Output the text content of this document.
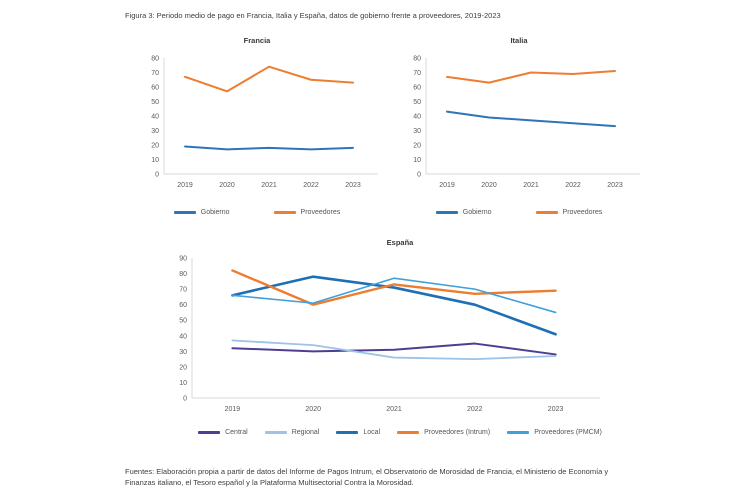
Figura 3: Periodo medio de pago en Francia, Italia y España, datos de gobierno frente a proveedores, 2019-2023
Francia
0
10
20
30
40
50
60
70
80
2019	2020	2021	2022	2023
Gobierno	Proveedores
Italia
0
10
20
30
40
50
60
70
80
2019	2020	2021	2022	2023
Gobierno	Proveedores
España
0
10
20
30
40
50
60
70
80
90
2019	2020	2021	2022	2023
Central	Regional	Local	Proveedores (Intrum)	Proveedores (PMCM)
Fuentes: Elaboración propia a partir de datos del Informe de Pagos Intrum, el Observatorio de Morosidad de Francia, el Ministerio de Economía y Finanzas italiano, el Tesoro español y la Plataforma Multisectorial Contra la Morosidad.
